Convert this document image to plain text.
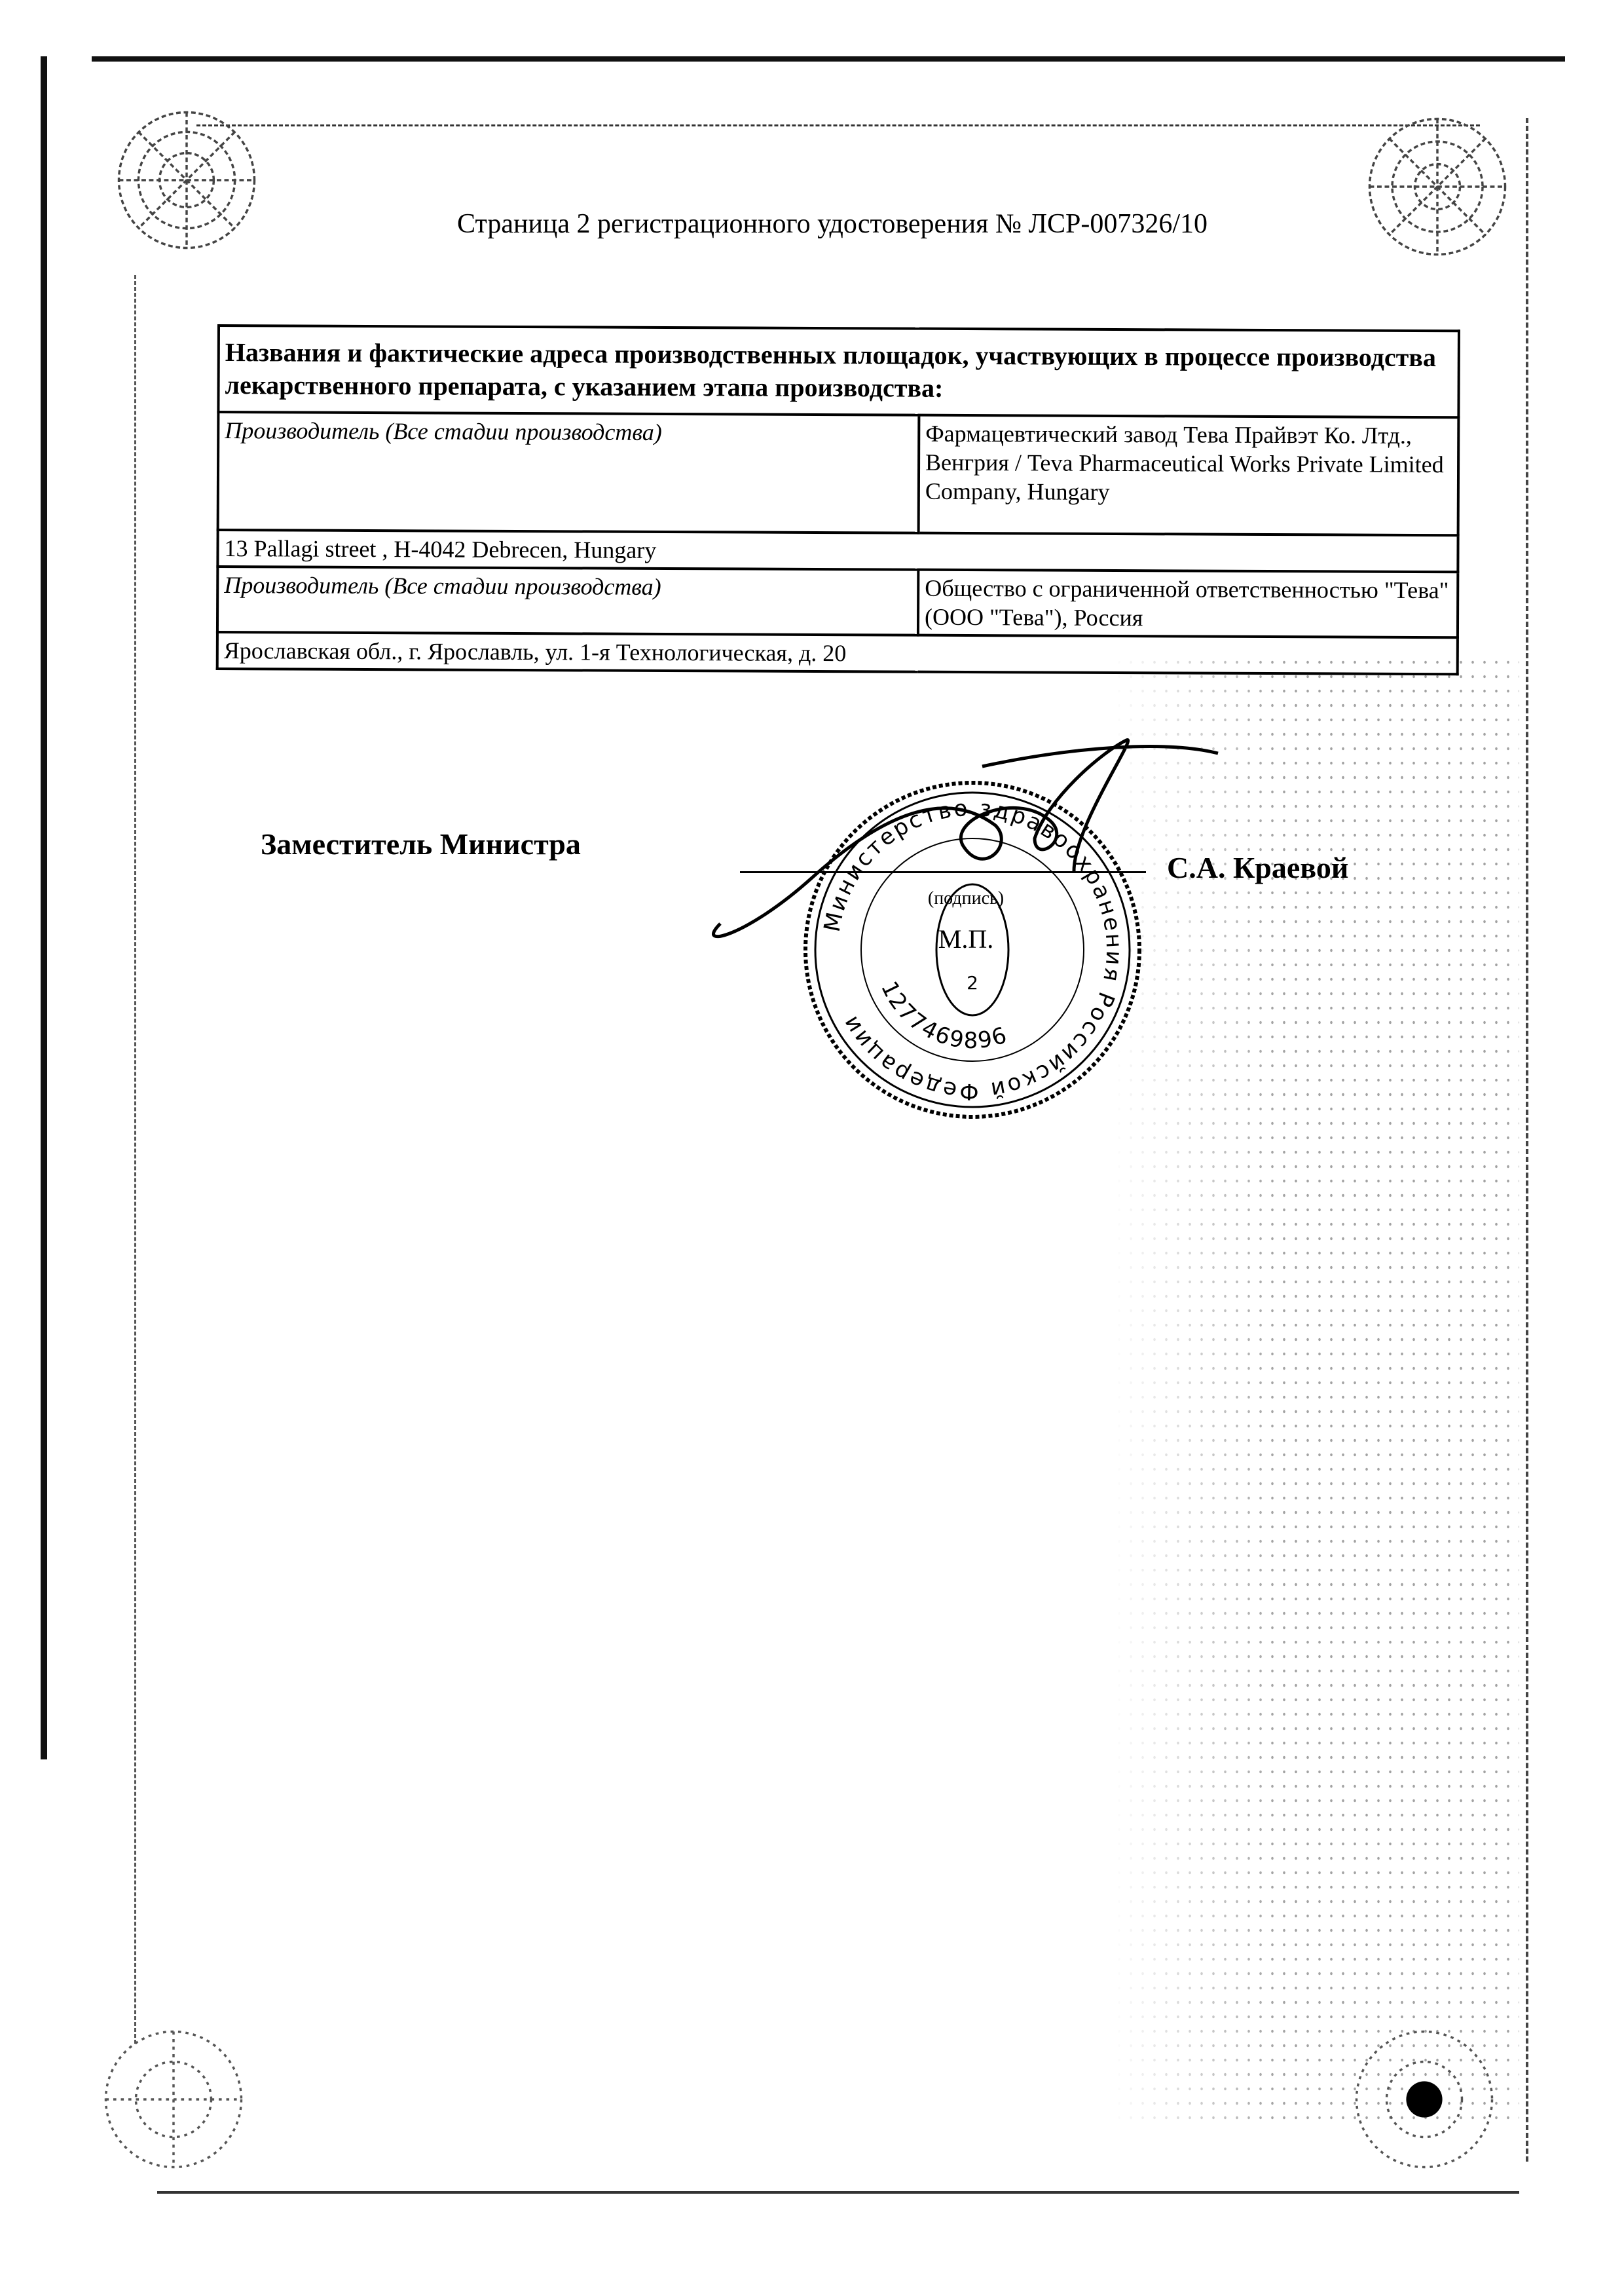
Страница 2 регистрационного удостоверения № ЛСР-007326/10
Названия и фактические адреса производственных площадок, участвующих в процессе производства лекарственного препарата, с указанием этапа производства:	
Производитель (Все стадии производства)	Фармацевтический завод Тева Прайвэт Ко. Лтд., Венгрия / Teva Pharmaceutical Works Private Limited Company, Hungary
13 Pallagi street , H-4042 Debrecen, Hungary	
Производитель (Все стадии производства)	Общество с ограниченной ответственностью "Тева" (ООО "Тева"), Россия
Ярославская обл., г. Ярославль, ул. 1-я Технологическая, д. 20	
Заместитель Министра
С.А. Краевой
Министерство здравоохранения Российской Федерации
1277469896
(подпись)
М.П.
2
